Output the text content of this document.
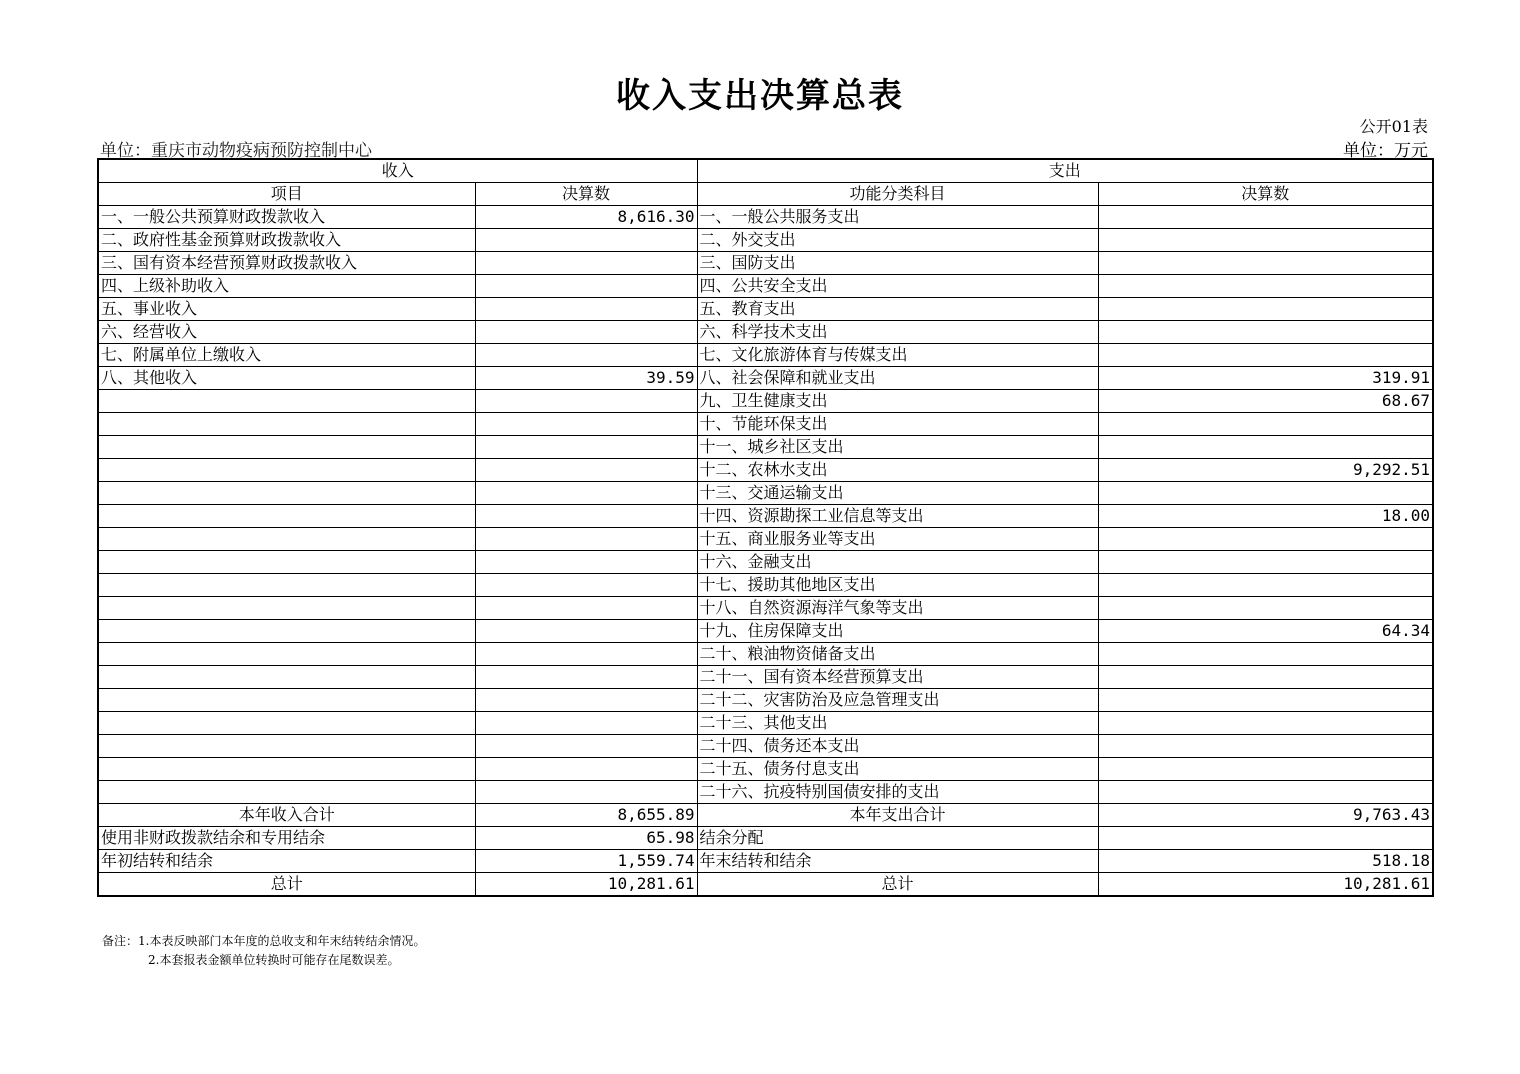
收入支出决算总表
公开01表
单位：重庆市动物疫病预防控制中心	单位：万元
收入		支出	
项目	决算数	功能分类科目	决算数
一、一般公共预算财政拨款收入	8,616.30	一、一般公共服务支出	
二、政府性基金预算财政拨款收入		二、外交支出	
三、国有资本经营预算财政拨款收入		三、国防支出	
四、上级补助收入		四、公共安全支出	
五、事业收入		五、教育支出	
六、经营收入		六、科学技术支出	
七、附属单位上缴收入		七、文化旅游体育与传媒支出	
八、其他收入	39.59	八、社会保障和就业支出	319.91
		九、卫生健康支出	68.67
		十、节能环保支出	
		十一、城乡社区支出	
		十二、农林水支出	9,292.51
		十三、交通运输支出	
		十四、资源勘探工业信息等支出	18.00
		十五、商业服务业等支出	
		十六、金融支出	
		十七、援助其他地区支出	
		十八、自然资源海洋气象等支出	
		十九、住房保障支出	64.34
		二十、粮油物资储备支出	
		二十一、国有资本经营预算支出	
		二十二、灾害防治及应急管理支出	
		二十三、其他支出	
		二十四、债务还本支出	
		二十五、债务付息支出	
		二十六、抗疫特别国债安排的支出	
本年收入合计	8,655.89	本年支出合计	9,763.43
使用非财政拨款结余和专用结余	65.98	结余分配	
年初结转和结余	1,559.74	年末结转和结余	518.18
总计	10,281.61	总计	10,281.61
备注：1.本表反映部门本年度的总收支和年末结转结余情况。
2.本套报表金额单位转换时可能存在尾数误差。
